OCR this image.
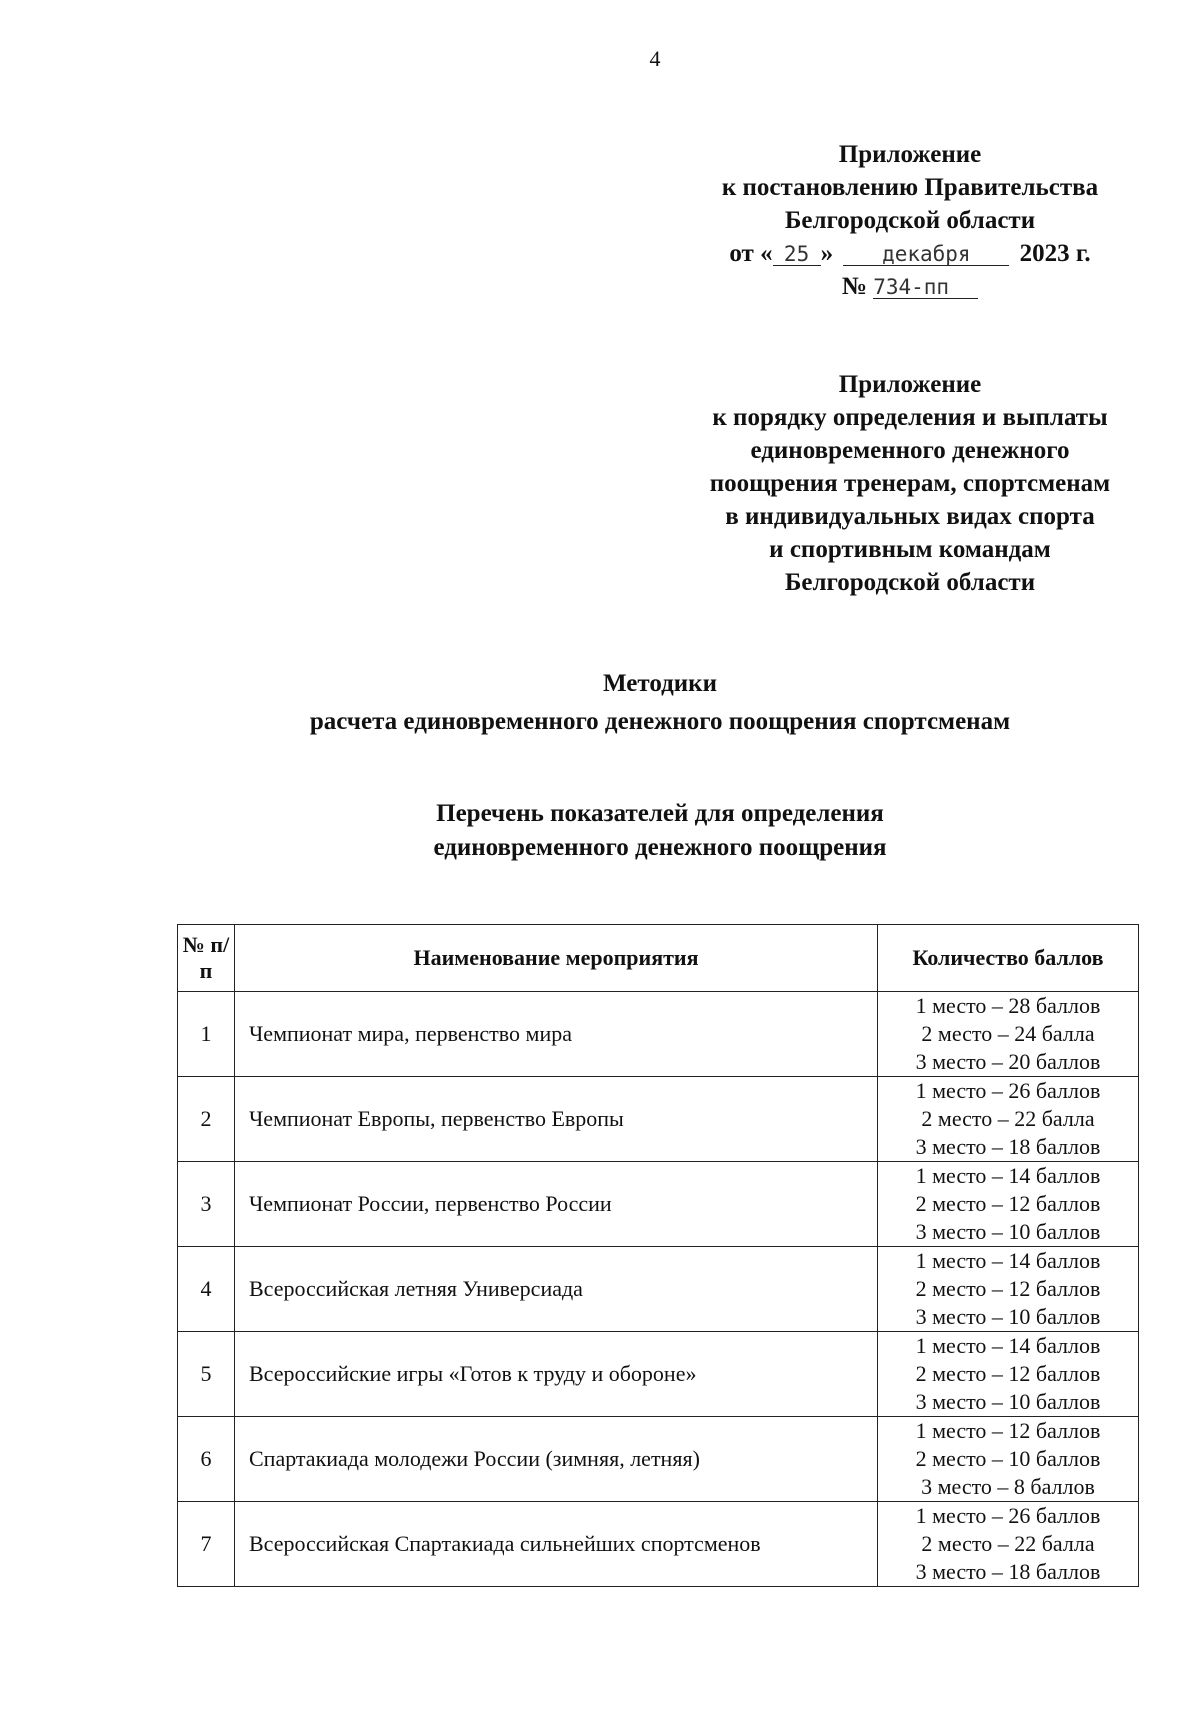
4
Приложение
к постановлению Правительства
Белгородской области
от « 25 » декабря 2023 г.
№ 734-пп
Приложение
к порядку определения и выплаты
единовременного денежного
поощрения тренерам, спортсменам
в индивидуальных видах спорта
и спортивным командам
Белгородской области
Методики
расчета единовременного денежного поощрения спортсменам
Перечень показателей для определения
единовременного денежного поощрения
№ п/п	Наименование мероприятия	Количество баллов
1	Чемпионат мира, первенство мира	1 место – 28 баллов
2 место – 24 балла
3 место – 20 баллов

2	Чемпионат Европы, первенство Европы	1 место – 26 баллов
2 место – 22 балла
3 место – 18 баллов

3	Чемпионат России, первенство России	1 место – 14 баллов
2 место – 12 баллов
3 место – 10 баллов

4	Всероссийская летняя Универсиада	1 место – 14 баллов
2 место – 12 баллов
3 место – 10 баллов

5	Всероссийские игры «Готов к труду и обороне»	1 место – 14 баллов
2 место – 12 баллов
3 место – 10 баллов

6	Спартакиада молодежи России (зимняя, летняя)	1 место – 12 баллов
2 место – 10 баллов
3 место – 8 баллов

7	Всероссийская Спартакиада сильнейших спортсменов	1 место – 26 баллов
2 место – 22 балла
3 место – 18 баллов
